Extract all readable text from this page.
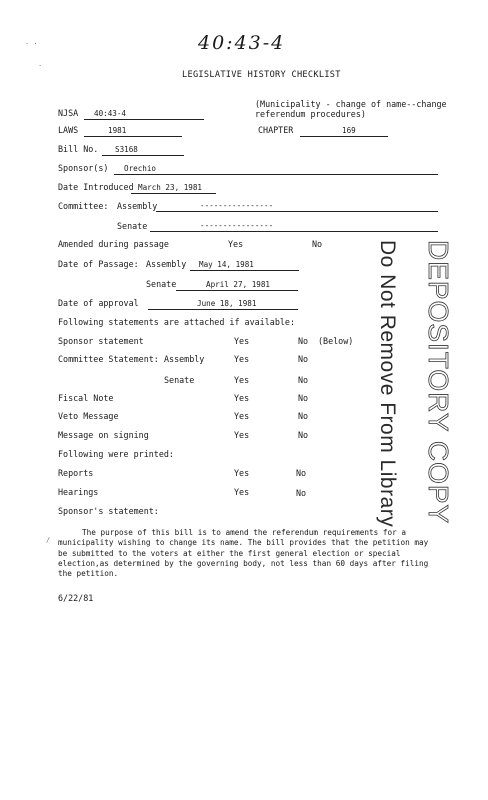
40:43-4
LEGISLATIVE HISTORY CHECKLIST
NJSA 40:43-4
(Municipality - change of name--change
referendum procedures)
LAWS	1981	CHAPTER	169
Bill No. S3168
Sponsor(s) Orechio
Date Introduced March 23, 1981
Committee: Assembly	----------------
Senate	----------------
Amended during passage	Yes	No
Date of Passage: Assembly May 14, 1981
Senate	April 27, 1981
Date of approval	June 18, 1981
Following statements are attached if available:
Sponsor statement	Yes	No (Below)
Committee Statement: Assembly	Yes	No
Senate	Yes	No
Fiscal Note	Yes	No
Veto Message	Yes	No
Message on signing	Yes	No
Following were printed:
Reports	Yes	No
Hearings	Yes	No
Sponsor's statement:
The purpose of this bill is to amend the referendum requirements for a municipality wishing to change its name. The bill provides that the petition may be submitted to the voters at either the first general election or special election,as determined by the governing body, not less than 60 days after filing the petition.
6/22/81
DEPOSITORY COPY
Do Not Remove From Library
· ·
·
/
